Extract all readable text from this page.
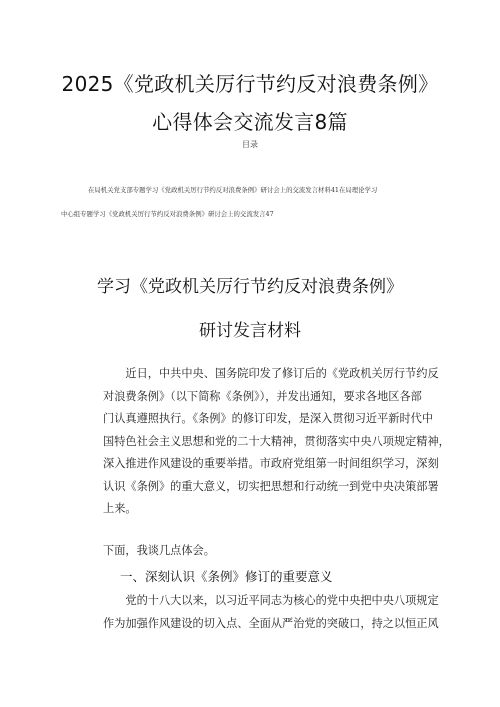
2025《党政机关厉行节约反对浪费条例》
心得体会交流发言8篇
目录
在局机关党支部专题学习《党政机关厉行节约反对浪费条例》研讨会上的交流发言材料41在局理论学习
中心组专题学习《党政机关厉行节约反对浪费条例》研讨会上的交流发言47
学习《党政机关厉行节约反对浪费条例》
研讨发言材料
　　近日，中共中央、国务院印发了修订后的《党政机关厉行节约反
对浪费条例》（以下简称《条例》），并发出通知，要求各地区各部
门认真遵照执行。《条例》的修订印发，是深入贯彻习近平新时代中
国特色社会主义思想和党的二十大精神，贯彻落实中央八项规定精神，
深入推进作风建设的重要举措。市政府党组第一时间组织学习，深刻
认识《条例》的重大意义，切实把思想和行动统一到党中央决策部署
上来。
下面，我谈几点体会。
一、深刻认识《条例》修订的重要意义
　　党的十八大以来，以习近平同志为核心的党中央把中央八项规定
作为加强作风建设的切入点、全面从严治党的突破口，持之以恒正风
